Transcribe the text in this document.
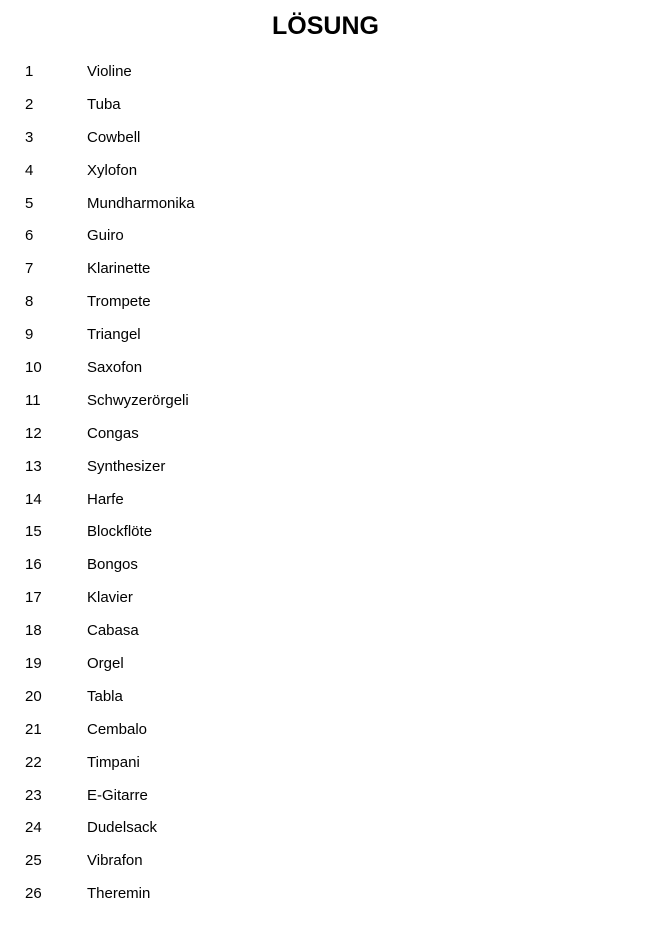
LÖSUNG
1	Violine
2	Tuba
3	Cowbell
4	Xylofon
5	Mundharmonika
6	Guiro
7	Klarinette
8	Trompete
9	Triangel
10	Saxofon
11	Schwyzerörgeli
12	Congas
13	Synthesizer
14	Harfe
15	Blockflöte
16	Bongos
17	Klavier
18	Cabasa
19	Orgel
20	Tabla
21	Cembalo
22	Timpani
23	E-Gitarre
24	Dudelsack
25	Vibrafon
26	Theremin
